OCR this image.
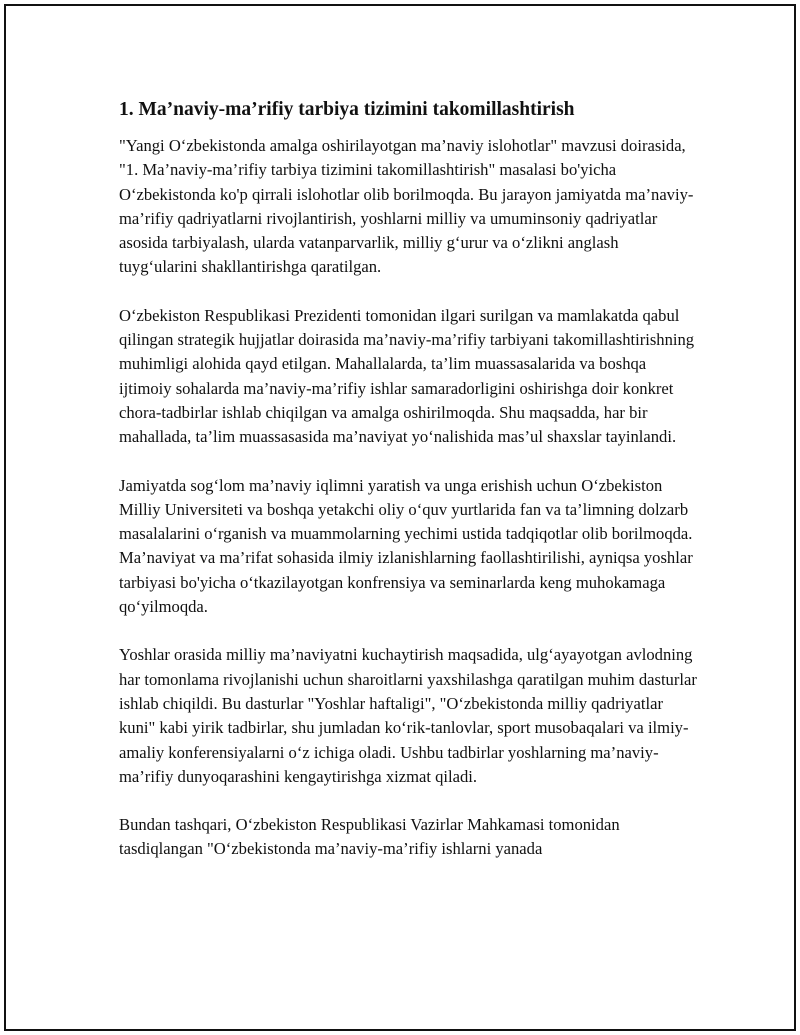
1. Ma’naviy-ma’rifiy tarbiya tizimini takomillashtirish

"Yangi O‘zbekistonda amalga oshirilayotgan ma’naviy islohotlar" mavzusi doirasida, "1. Ma’naviy-ma’rifiy tarbiya tizimini takomillashtirish" masalasi bo'yicha O‘zbekistonda ko'p qirrali islohotlar olib borilmoqda. Bu jarayon jamiyatda ma’naviy-ma’rifiy qadriyatlarni rivojlantirish, yoshlarni milliy va umuminsoniy qadriyatlar asosida tarbiyalash, ularda vatanparvarlik, milliy g‘urur va o‘zlikni anglash tuyg‘ularini shakllantirishga qaratilgan.

O‘zbekiston Respublikasi Prezidenti tomonidan ilgari surilgan va mamlakatda qabul qilingan strategik hujjatlar doirasida ma’naviy-ma’rifiy tarbiyani takomillashtirishning muhimligi alohida qayd etilgan. Mahallalarda, ta’lim muassasalarida va boshqa ijtimoiy sohalarda ma’naviy-ma’rifiy ishlar samaradorligini oshirishga doir konkret chora-tadbirlar ishlab chiqilgan va amalga oshirilmoqda. Shu maqsadda, har bir mahallada, ta’lim muassasasida ma’naviyat yo‘nalishida mas’ul shaxslar tayinlandi.

Jamiyatda sog‘lom ma’naviy iqlimni yaratish va unga erishish uchun O‘zbekiston Milliy Universiteti va boshqa yetakchi oliy o‘quv yurtlarida fan va ta’limning dolzarb masalalarini o‘rganish va muammolarning yechimi ustida tadqiqotlar olib borilmoqda. Ma’naviyat va ma’rifat sohasida ilmiy izlanishlarning faollashtirilishi, ayniqsa yoshlar tarbiyasi bo'yicha o‘tkazilayotgan konfrensiya va seminarlarda keng muhokamaga qo‘yilmoqda.

Yoshlar orasida milliy ma’naviyatni kuchaytirish maqsadida, ulg‘ayayotgan avlodning har tomonlama rivojlanishi uchun sharoitlarni yaxshilashga qaratilgan muhim dasturlar ishlab chiqildi. Bu dasturlar "Yoshlar haftaligi", "O‘zbekistonda milliy qadriyatlar kuni" kabi yirik tadbirlar, shu jumladan ko‘rik-tanlovlar, sport musobaqalari va ilmiy-amaliy konferensiyalarni o‘z ichiga oladi. Ushbu tadbirlar yoshlarning ma’naviy-ma’rifiy dunyoqarashini kengaytirishga xizmat qiladi.

Bundan tashqari, O‘zbekiston Respublikasi Vazirlar Mahkamasi tomonidan tasdiqlangan "O‘zbekistonda ma’naviy-ma’rifiy ishlarni yanada
